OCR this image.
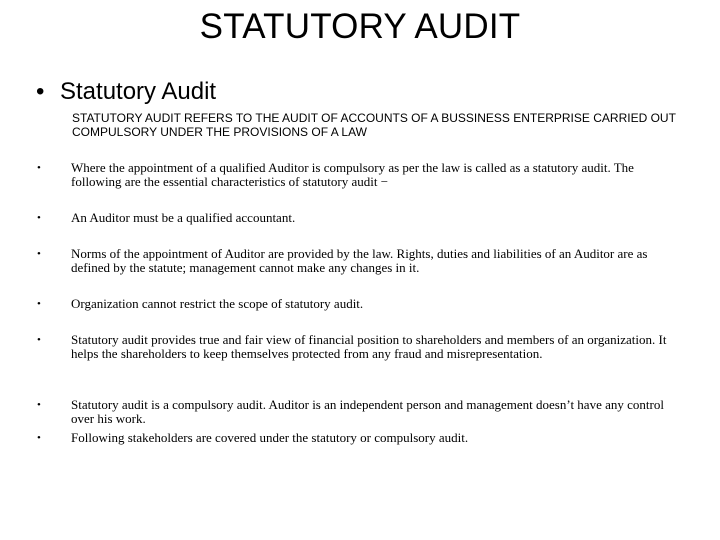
STATUTORY AUDIT
• Statutory Audit
STATUTORY AUDIT REFERS TO THE AUDIT OF ACCOUNTS OF A BUSSINESS ENTERPRISE CARRIED OUT COMPULSORY UNDER THE PROVISIONS OF A LAW
• Where the appointment of a qualified Auditor is compulsory as per the law is called as a statutory audit. The following are the essential characteristics of statutory audit −
• An Auditor must be a qualified accountant.
• Norms of the appointment of Auditor are provided by the law. Rights, duties and liabilities of an Auditor are as defined by the statute; management cannot make any changes in it.
• Organization cannot restrict the scope of statutory audit.
• Statutory audit provides true and fair view of financial position to shareholders and members of an organization. It helps the shareholders to keep themselves protected from any fraud and misrepresentation.
• Statutory audit is a compulsory audit. Auditor is an independent person and management doesn’t have any control over his work.
• Following stakeholders are covered under the statutory or compulsory audit.
